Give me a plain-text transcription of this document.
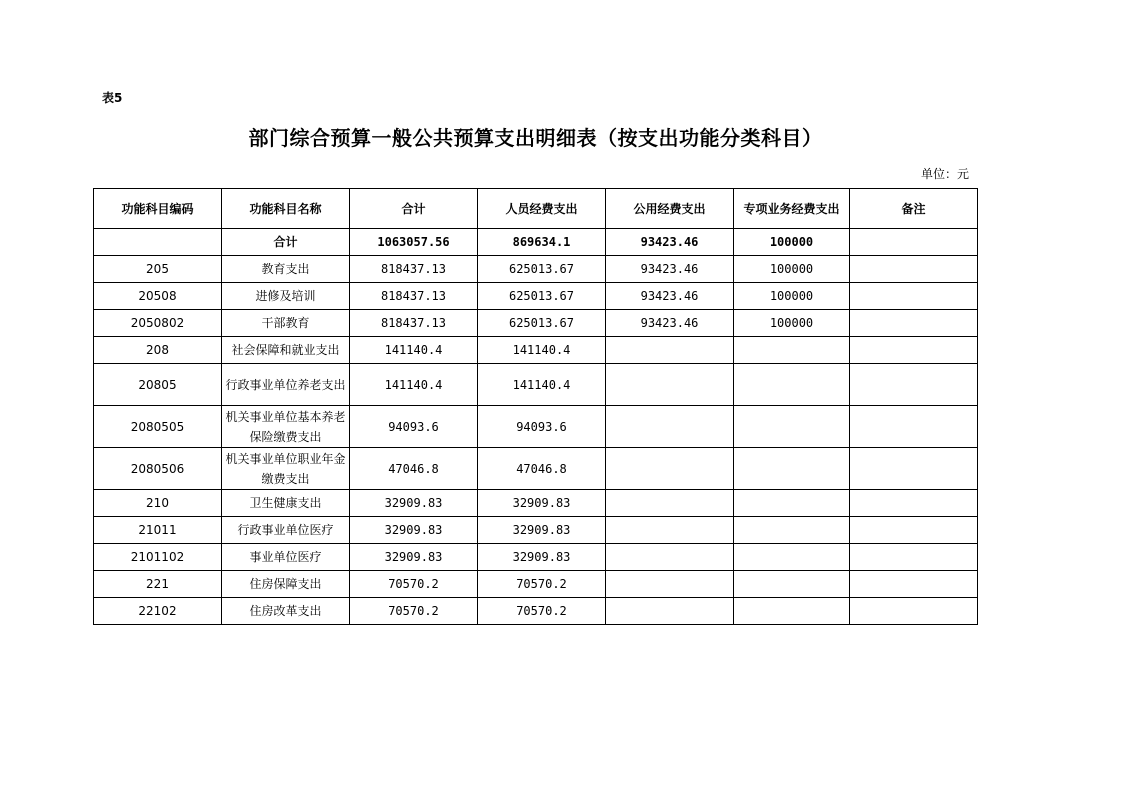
表5
部门综合预算一般公共预算支出明细表（按支出功能分类科目）
单位：元
功能科目编码	功能科目名称	合计	人员经费支出	公用经费支出	专项业务经费支出	备注
	合计	1063057.56	869634.1	93423.46	100000	
205	教育支出	818437.13	625013.67	93423.46	100000	
20508	进修及培训	818437.13	625013.67	93423.46	100000	
2050802	干部教育	818437.13	625013.67	93423.46	100000	
208	社会保障和就业支出	141140.4	141140.4			
20805	行政事业单位养老支出	141140.4	141140.4			
2080505	机关事业单位基本养老保险缴费支出	94093.6	94093.6			
2080506	机关事业单位职业年金缴费支出	47046.8	47046.8			
210	卫生健康支出	32909.83	32909.83			
21011	行政事业单位医疗	32909.83	32909.83			
2101102	事业单位医疗	32909.83	32909.83			
221	住房保障支出	70570.2	70570.2			
22102	住房改革支出	70570.2	70570.2			
